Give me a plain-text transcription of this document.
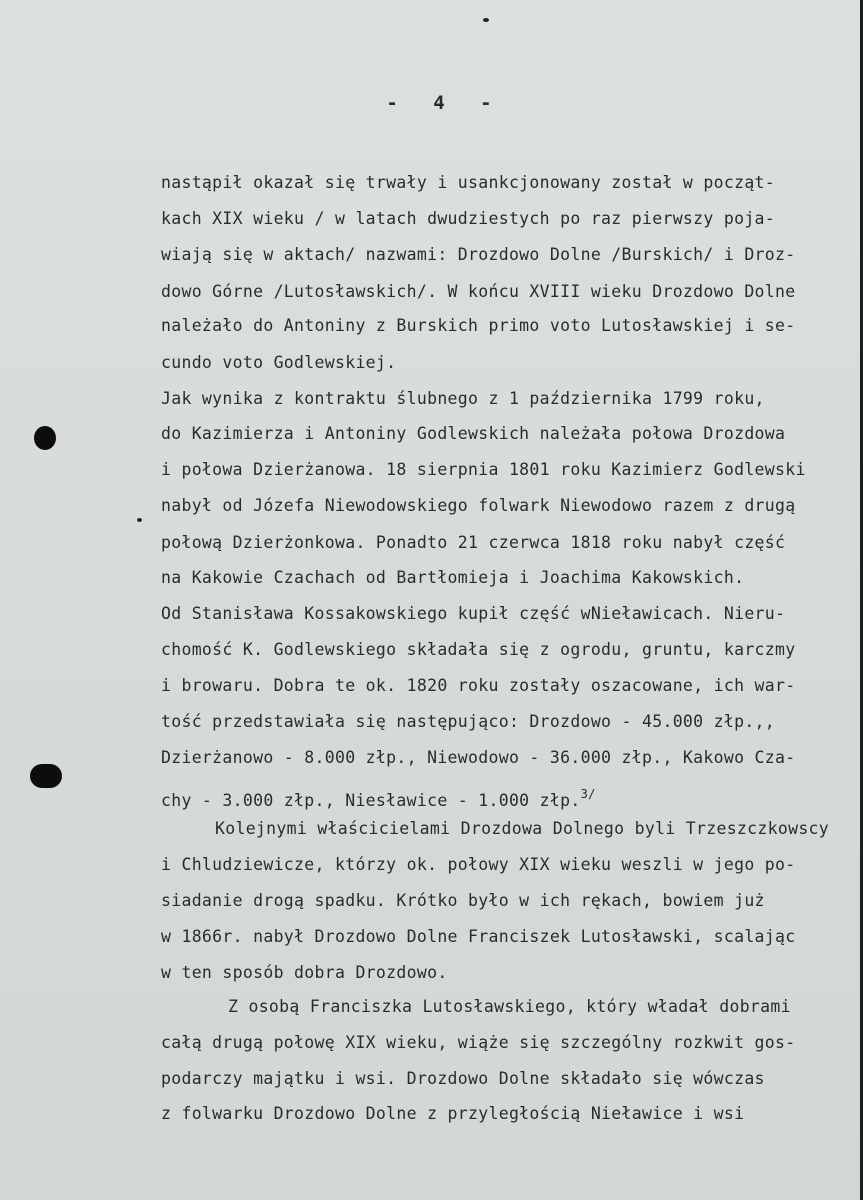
- 4 -
nastąpił okazał się trwały i usankcjonowany został w począt-
kach XIX wieku / w latach dwudziestych po raz pierwszy poja-
wiają się w aktach/ nazwami: Drozdowo Dolne /Burskich/ i Droz-
dowo Górne /Lutosławskich/. W końcu XVIII wieku Drozdowo Dolne
należało do Antoniny z Burskich primo voto Lutosławskiej i se-
cundo voto Godlewskiej.
Jak wynika z kontraktu ślubnego z 1 października 1799 roku,
do Kazimierza i Antoniny Godlewskich należała połowa Drozdowa
i połowa Dzierżanowa. 18 sierpnia 1801 roku Kazimierz Godlewski
nabył od Józefa Niewodowskiego folwark Niewodowo razem z drugą
połową Dzierżonkowa. Ponadto 21 czerwca 1818 roku nabył część
na Kakowie Czachach od Bartłomieja i Joachima Kakowskich.
Od Stanisława Kossakowskiego kupił część wNieławicach. Nieru-
chomość K. Godlewskiego składała się z ogrodu, gruntu, karczmy
i browaru. Dobra te ok. 1820 roku zostały oszacowane, ich war-
tość przedstawiała się następująco: Drozdowo - 45.000 złp.,,
Dzierżanowo - 8.000 złp., Niewodowo - 36.000 złp., Kakowo Cza-
chy - 3.000 złp., Niesławice - 1.000 złp.$^{3/}$
Kolejnymi właścicielami Drozdowa Dolnego byli Trzeszczkowscy
i Chludziewicze, którzy ok. połowy XIX wieku weszli w jego po-
siadanie drogą spadku. Krótko było w ich rękach, bowiem już
w 1866r. nabył Drozdowo Dolne Franciszek Lutosławski, scalając
w ten sposób dobra Drozdowo.
Z osobą Franciszka Lutosławskiego, który władał dobrami
całą drugą połowę XIX wieku, wiąże się szczególny rozkwit gos-
podarczy majątku i wsi. Drozdowo Dolne składało się wówczas
z folwarku Drozdowo Dolne z przyległością Nieławice i wsi
